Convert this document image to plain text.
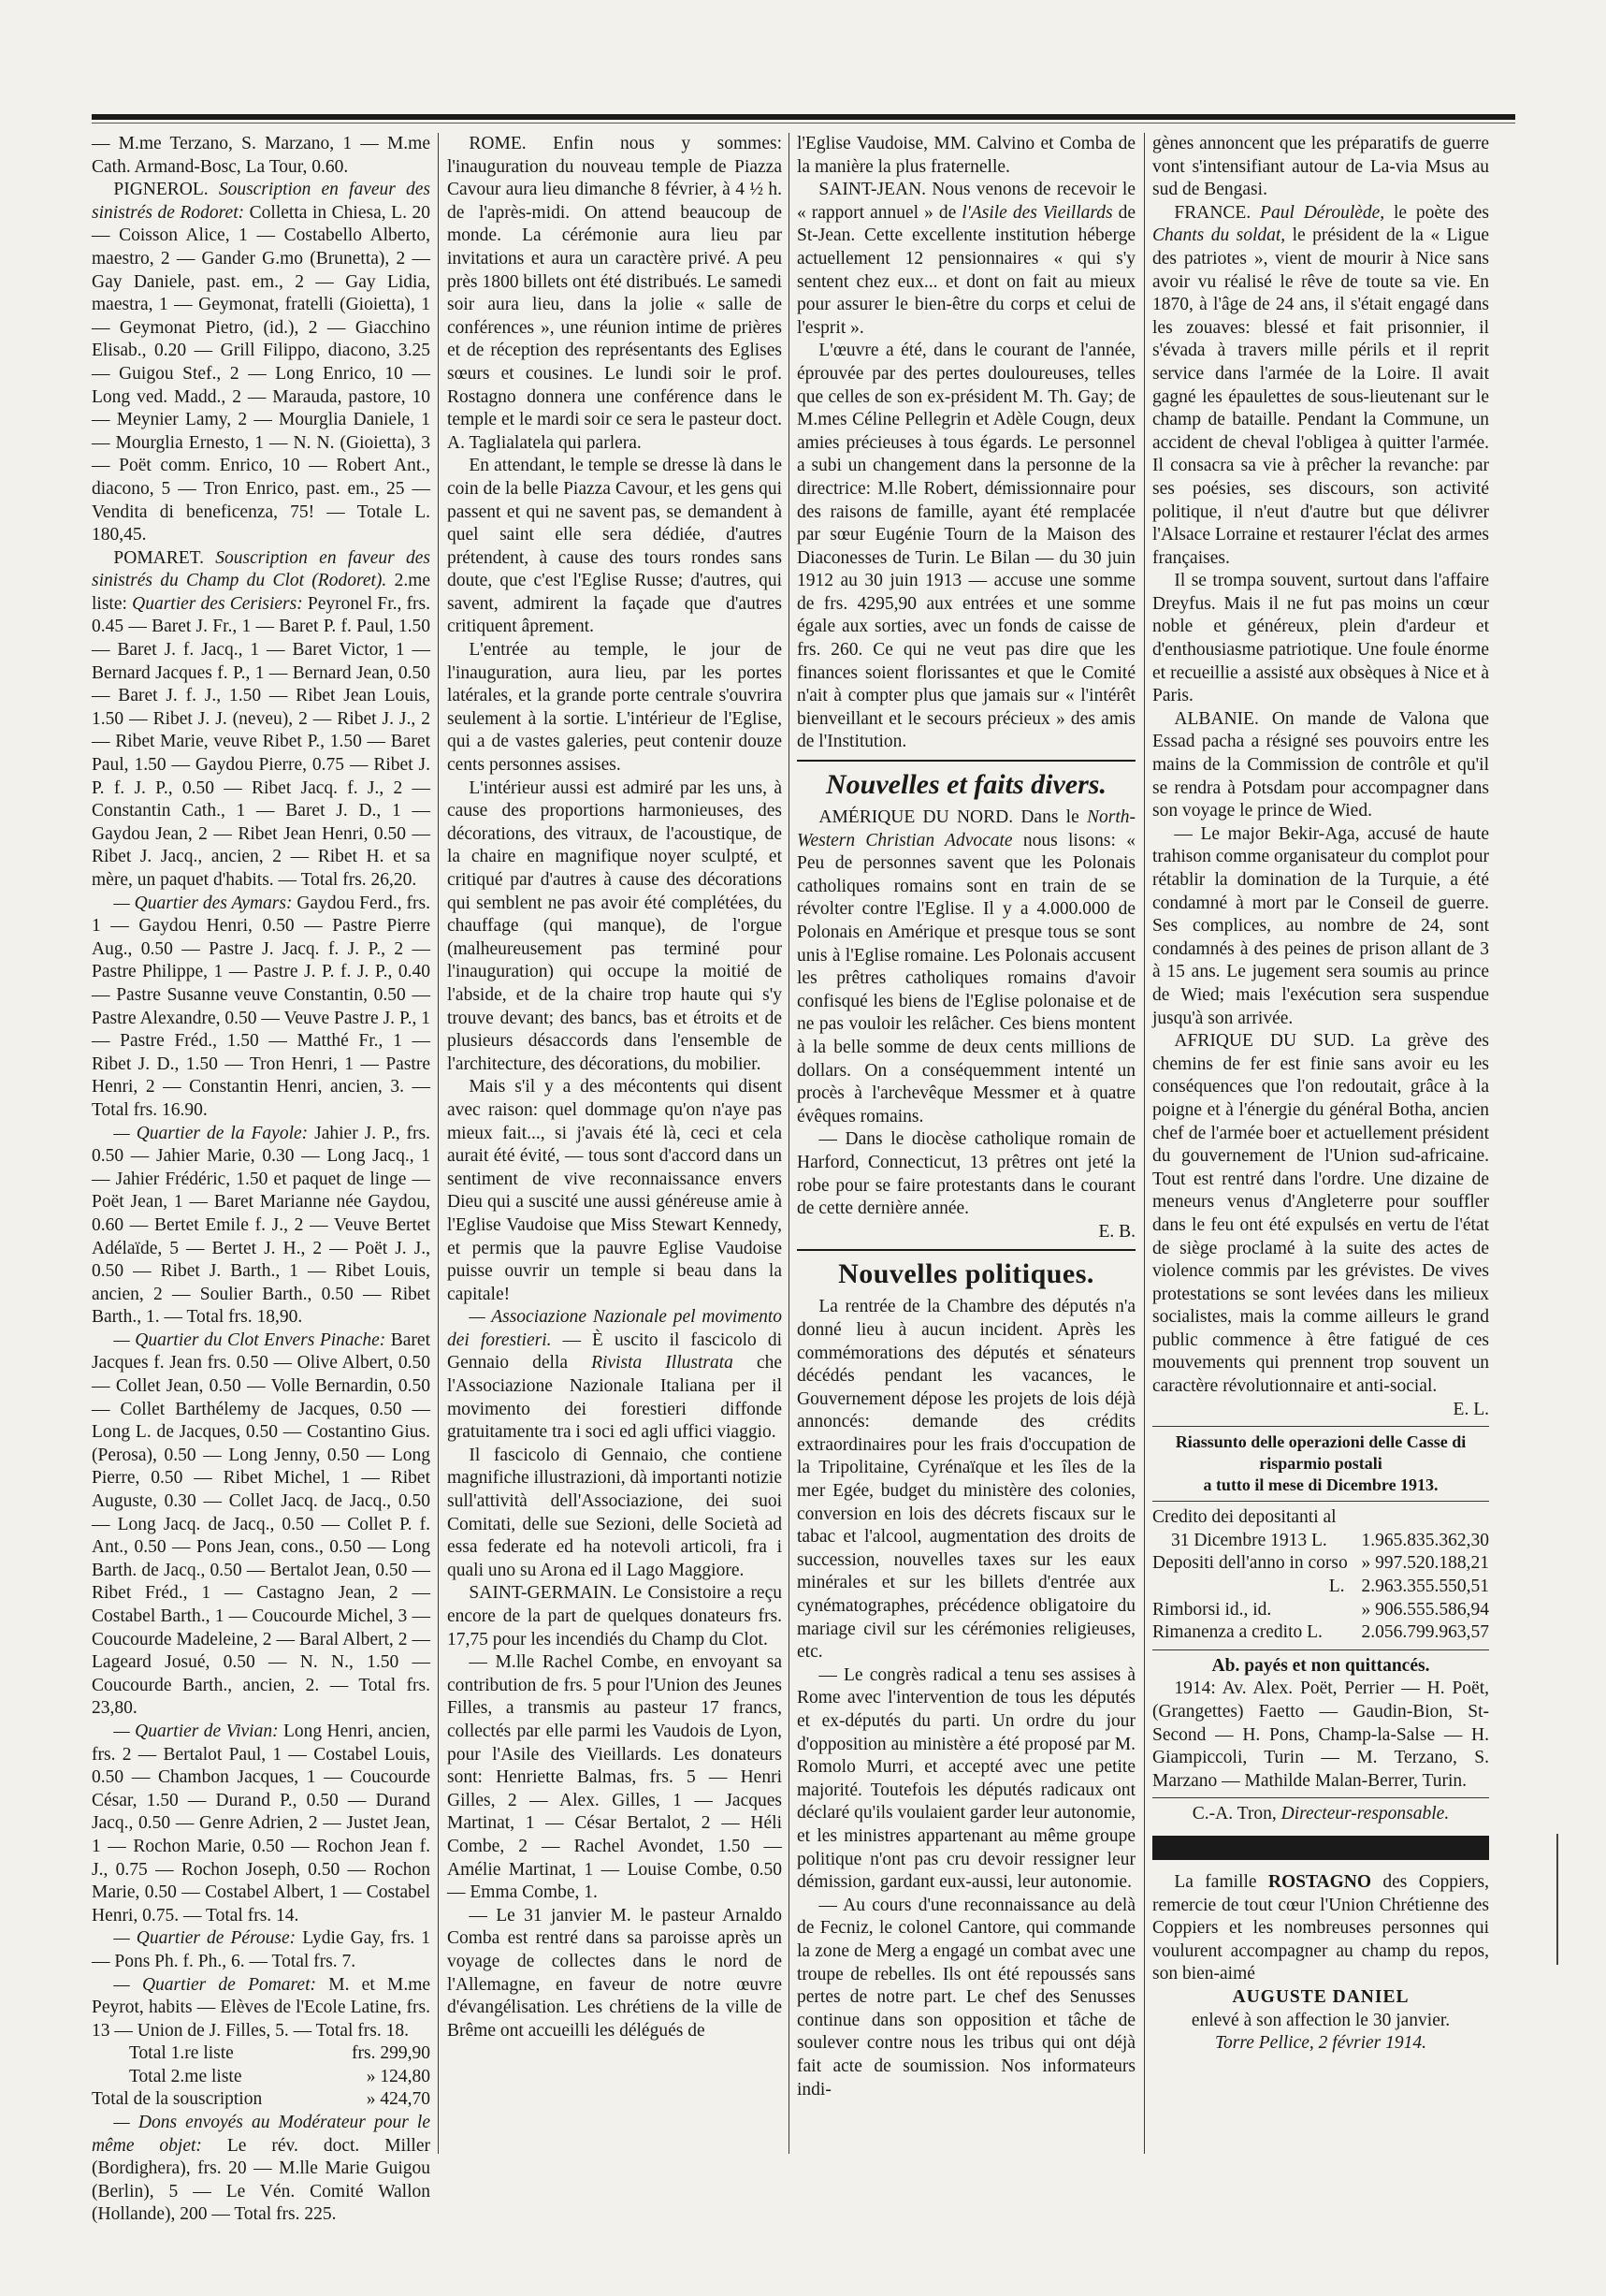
— M.me Terzano, S. Marzano, 1 — M.me Cath. Armand-Bosc, La Tour, 0.60.

PIGNEROL. Souscription en faveur des sinistrés de Rodoret: Colletta in Chiesa, L. 20 — Coisson Alice, 1 — Costabello Alberto, maestro, 2 — Gander G.mo (Brunetta), 2 — Gay Daniele, past. em., 2 — Gay Lidia, maestra, 1 — Geymonat, fratelli (Gioietta), 1 — Geymonat Pietro, (id.), 2 — Giacchino Elisab., 0.20 — Grill Filippo, diacono, 3.25 — Guigou Stef., 2 — Long Enrico, 10 — Long ved. Madd., 2 — Marauda, pastore, 10 — Meynier Lamy, 2 — Mourglia Daniele, 1 — Mourglia Ernesto, 1 — N. N. (Gioietta), 3 — Poët comm. Enrico, 10 — Robert Ant., diacono, 5 — Tron Enrico, past. em., 25 — Vendita di beneficenza, 75! — Totale L. 180,45.

POMARET. Souscription en faveur des sinistrés du Champ du Clot (Rodoret). 2.me liste: Quartier des Cerisiers: Peyronel Fr., frs. 0.45 — Baret J. Fr., 1 — Baret P. f. Paul, 1.50 — Baret J. f. Jacq., 1 — Baret Victor, 1 — Bernard Jacques f. P., 1 — Bernard Jean, 0.50 — Baret J. f. J., 1.50 — Ribet Jean Louis, 1.50 — Ribet J. J. (neveu), 2 — Ribet J. J., 2 — Ribet Marie, veuve Ribet P., 1.50 — Baret Paul, 1.50 — Gaydou Pierre, 0.75 — Ribet J. P. f. J. P., 0.50 — Ribet Jacq. f. J., 2 — Constantin Cath., 1 — Baret J. D., 1 — Gaydou Jean, 2 — Ribet Jean Henri, 0.50 — Ribet J. Jacq., ancien, 2 — Ribet H. et sa mère, un paquet d'habits. — Total frs. 26,20.

— Quartier des Aymars: Gaydou Ferd., frs. 1 — Gaydou Henri, 0.50 — Pastre Pierre Aug., 0.50 — Pastre J. Jacq. f. J. P., 2 — Pastre Philippe, 1 — Pastre J. P. f. J. P., 0.40 — Pastre Susanne veuve Constantin, 0.50 — Pastre Alexandre, 0.50 — Veuve Pastre J. P., 1 — Pastre Fréd., 1.50 — Matthé Fr., 1 — Ribet J. D., 1.50 — Tron Henri, 1 — Pastre Henri, 2 — Constantin Henri, ancien, 3. — Total frs. 16.90.

— Quartier de la Fayole: Jahier J. P., frs. 0.50 — Jahier Marie, 0.30 — Long Jacq., 1 — Jahier Frédéric, 1.50 et paquet de linge — Poët Jean, 1 — Baret Marianne née Gaydou, 0.60 — Bertet Emile f. J., 2 — Veuve Bertet Adélaïde, 5 — Bertet J. H., 2 — Poët J. J., 0.50 — Ribet J. Barth., 1 — Ribet Louis, ancien, 2 — Soulier Barth., 0.50 — Ribet Barth., 1. — Total frs. 18,90.

— Quartier du Clot Envers Pinache: Baret Jacques f. Jean frs. 0.50 — Olive Albert, 0.50 — Collet Jean, 0.50 — Volle Bernardin, 0.50 — Collet Barthélemy de Jacques, 0.50 — Long L. de Jacques, 0.50 — Costantino Gius. (Perosa), 0.50 — Long Jenny, 0.50 — Long Pierre, 0.50 — Ribet Michel, 1 — Ribet Auguste, 0.30 — Collet Jacq. de Jacq., 0.50 — Long Jacq. de Jacq., 0.50 — Collet P. f. Ant., 0.50 — Pons Jean, cons., 0.50 — Long Barth. de Jacq., 0.50 — Bertalot Jean, 0.50 — Ribet Fréd., 1 — Castagno Jean, 2 — Costabel Barth., 1 — Coucourde Michel, 3 — Coucourde Madeleine, 2 — Baral Albert, 2 — Lageard Josué, 0.50 — N. N., 1.50 — Coucourde Barth., ancien, 2. — Total frs. 23,80.

— Quartier de Vivian: Long Henri, ancien, frs. 2 — Bertalot Paul, 1 — Costabel Louis, 0.50 — Chambon Jacques, 1 — Coucourde César, 1.50 — Durand P., 0.50 — Durand Jacq., 0.50 — Genre Adrien, 2 — Justet Jean, 1 — Rochon Marie, 0.50 — Rochon Jean f. J., 0.75 — Rochon Joseph, 0.50 — Rochon Marie, 0.50 — Costabel Albert, 1 — Costabel Henri, 0.75. — Total frs. 14.

— Quartier de Pérouse: Lydie Gay, frs. 1 — Pons Ph. f. Ph., 6. — Total frs. 7.

— Quartier de Pomaret: M. et M.me Peyrot, habits — Elèves de l'Ecole Latine, frs. 13 — Union de J. Filles, 5. — Total frs. 18.

Total 1.re liste	frs. 299,90
Total 2.me liste	» 124,80
Total de la souscription	» 424,70

— Dons envoyés au Modérateur pour le même objet: Le rév. doct. Miller (Bordighera), frs. 20 — M.lle Marie Guigou (Berlin), 5 — Le Vén. Comité Wallon (Hollande), 200 — Total frs. 225.

ROME. Enfin nous y sommes: l'inauguration du nouveau temple de Piazza Cavour aura lieu dimanche 8 février, à 4 ½ h. de l'après-midi. On attend beaucoup de monde. La cérémonie aura lieu par invitations et aura un caractère privé. A peu près 1800 billets ont été distribués. Le samedi soir aura lieu, dans la jolie « salle de conférences », une réunion intime de prières et de réception des représentants des Eglises sœurs et cousines. Le lundi soir le prof. Rostagno donnera une conférence dans le temple et le mardi soir ce sera le pasteur doct. A. Taglialatela qui parlera.

En attendant, le temple se dresse là dans le coin de la belle Piazza Cavour, et les gens qui passent et qui ne savent pas, se demandent à quel saint elle sera dédiée, d'autres prétendent, à cause des tours rondes sans doute, que c'est l'Eglise Russe; d'autres, qui savent, admirent la façade que d'autres critiquent âprement.

L'entrée au temple, le jour de l'inauguration, aura lieu, par les portes latérales, et la grande porte centrale s'ouvrira seulement à la sortie. L'intérieur de l'Eglise, qui a de vastes galeries, peut contenir douze cents personnes assises.

L'intérieur aussi est admiré par les uns, à cause des proportions harmonieuses, des décorations, des vitraux, de l'acoustique, de la chaire en magnifique noyer sculpté, et critiqué par d'autres à cause des décorations qui semblent ne pas avoir été complétées, du chauffage (qui manque), de l'orgue (malheureusement pas terminé pour l'inauguration) qui occupe la moitié de l'abside, et de la chaire trop haute qui s'y trouve devant; des bancs, bas et étroits et de plusieurs désaccords dans l'ensemble de l'architecture, des décorations, du mobilier.

Mais s'il y a des mécontents qui disent avec raison: quel dommage qu'on n'aye pas mieux fait..., si j'avais été là, ceci et cela aurait été évité, — tous sont d'accord dans un sentiment de vive reconnaissance envers Dieu qui a suscité une aussi généreuse amie à l'Eglise Vaudoise que Miss Stewart Kennedy, et permis que la pauvre Eglise Vaudoise puisse ouvrir un temple si beau dans la capitale!

— Associazione Nazionale pel movimento dei forestieri. — È uscito il fascicolo di Gennaio della Rivista Illustrata che l'Associazione Nazionale Italiana per il movimento dei forestieri diffonde gratuitamente tra i soci ed agli uffici viaggio.

Il fascicolo di Gennaio, che contiene magnifiche illustrazioni, dà importanti notizie sull'attività dell'Associazione, dei suoi Comitati, delle sue Sezioni, delle Società ad essa federate ed ha notevoli articoli, fra i quali uno su Arona ed il Lago Maggiore.

SAINT-GERMAIN. Le Consistoire a reçu encore de la part de quelques donateurs frs. 17,75 pour les incendiés du Champ du Clot.

— M.lle Rachel Combe, en envoyant sa contribution de frs. 5 pour l'Union des Jeunes Filles, a transmis au pasteur 17 francs, collectés par elle parmi les Vaudois de Lyon, pour l'Asile des Vieillards. Les donateurs sont: Henriette Balmas, frs. 5 — Henri Gilles, 2 — Alex. Gilles, 1 — Jacques Martinat, 1 — César Bertalot, 2 — Héli Combe, 2 — Rachel Avondet, 1.50 — Amélie Martinat, 1 — Louise Combe, 0.50 — Emma Combe, 1.

— Le 31 janvier M. le pasteur Arnaldo Comba est rentré dans sa paroisse après un voyage de collectes dans le nord de l'Allemagne, en faveur de notre œuvre d'évangélisation. Les chrétiens de la ville de Brême ont accueilli les délégués de

l'Eglise Vaudoise, MM. Calvino et Comba de la manière la plus fraternelle.

SAINT-JEAN. Nous venons de recevoir le « rapport annuel » de l'Asile des Vieillards de St-Jean. Cette excellente institution héberge actuellement 12 pensionnaires « qui s'y sentent chez eux... et dont on fait au mieux pour assurer le bien-être du corps et celui de l'esprit ».

L'œuvre a été, dans le courant de l'année, éprouvée par des pertes douloureuses, telles que celles de son ex-président M. Th. Gay; de M.mes Céline Pellegrin et Adèle Cougn, deux amies précieuses à tous égards. Le personnel a subi un changement dans la personne de la directrice: M.lle Robert, démissionnaire pour des raisons de famille, ayant été remplacée par sœur Eugénie Tourn de la Maison des Diaconesses de Turin. Le Bilan — du 30 juin 1912 au 30 juin 1913 — accuse une somme de frs. 4295,90 aux entrées et une somme égale aux sorties, avec un fonds de caisse de frs. 260. Ce qui ne veut pas dire que les finances soient florissantes et que le Comité n'ait à compter plus que jamais sur « l'intérêt bienveillant et le secours précieux » des amis de l'Institution.

Nouvelles et faits divers.

AMÉRIQUE DU NORD. Dans le North-Western Christian Advocate nous lisons: « Peu de personnes savent que les Polonais catholiques romains sont en train de se révolter contre l'Eglise. Il y a 4.000.000 de Polonais en Amérique et presque tous se sont unis à l'Eglise romaine. Les Polonais accusent les prêtres catholiques romains d'avoir confisqué les biens de l'Eglise polonaise et de ne pas vouloir les relâcher. Ces biens montent à la belle somme de deux cents millions de dollars. On a conséquemment intenté un procès à l'archevêque Messmer et à quatre évêques romains.

— Dans le diocèse catholique romain de Harford, Connecticut, 13 prêtres ont jeté la robe pour se faire protestants dans le courant de cette dernière année.

E. B.
Nouvelles politiques.

La rentrée de la Chambre des députés n'a donné lieu à aucun incident. Après les commémorations des députés et sénateurs décédés pendant les vacances, le Gouvernement dépose les projets de lois déjà annoncés: demande des crédits extraordinaires pour les frais d'occupation de la Tripolitaine, Cyrénaïque et les îles de la mer Egée, budget du ministère des colonies, conversion en lois des décrets fiscaux sur le tabac et l'alcool, augmentation des droits de succession, nouvelles taxes sur les eaux minérales et sur les billets d'entrée aux cynématographes, précédence obligatoire du mariage civil sur les cérémonies religieuses, etc.

— Le congrès radical a tenu ses assises à Rome avec l'intervention de tous les députés et ex-députés du parti. Un ordre du jour d'opposition au ministère a été proposé par M. Romolo Murri, et accepté avec une petite majorité. Toutefois les députés radicaux ont déclaré qu'ils voulaient garder leur autonomie, et les ministres appartenant au même groupe politique n'ont pas cru devoir ressigner leur démission, gardant eux-aussi, leur autonomie.

— Au cours d'une reconnaissance au delà de Fecniz, le colonel Cantore, qui commande la zone de Merg a engagé un combat avec une troupe de rebelles. Ils ont été repoussés sans pertes de notre part. Le chef des Senusses continue dans son opposition et tâche de soulever contre nous les tribus qui ont déjà fait acte de soumission. Nos informateurs indi-

gènes annoncent que les préparatifs de guerre vont s'intensifiant autour de La-via Msus au sud de Bengasi.

FRANCE. Paul Déroulède, le poète des Chants du soldat, le président de la « Ligue des patriotes », vient de mourir à Nice sans avoir vu réalisé le rêve de toute sa vie. En 1870, à l'âge de 24 ans, il s'était engagé dans les zouaves: blessé et fait prisonnier, il s'évada à travers mille périls et il reprit service dans l'armée de la Loire. Il avait gagné les épaulettes de sous-lieutenant sur le champ de bataille. Pendant la Commune, un accident de cheval l'obligea à quitter l'armée. Il consacra sa vie à prêcher la revanche: par ses poésies, ses discours, son activité politique, il n'eut d'autre but que délivrer l'Alsace Lorraine et restaurer l'éclat des armes françaises.

Il se trompa souvent, surtout dans l'affaire Dreyfus. Mais il ne fut pas moins un cœur noble et généreux, plein d'ardeur et d'enthousiasme patriotique. Une foule énorme et recueillie a assisté aux obsèques à Nice et à Paris.

ALBANIE. On mande de Valona que Essad pacha a résigné ses pouvoirs entre les mains de la Commission de contrôle et qu'il se rendra à Potsdam pour accompagner dans son voyage le prince de Wied.

— Le major Bekir-Aga, accusé de haute trahison comme organisateur du complot pour rétablir la domination de la Turquie, a été condamné à mort par le Conseil de guerre. Ses complices, au nombre de 24, sont condamnés à des peines de prison allant de 3 à 15 ans. Le jugement sera soumis au prince de Wied; mais l'exécution sera suspendue jusqu'à son arrivée.

AFRIQUE DU SUD. La grève des chemins de fer est finie sans avoir eu les conséquences que l'on redoutait, grâce à la poigne et à l'énergie du général Botha, ancien chef de l'armée boer et actuellement président du gouvernement de l'Union sud-africaine. Tout est rentré dans l'ordre. Une dizaine de meneurs venus d'Angleterre pour souffler dans le feu ont été expulsés en vertu de l'état de siège proclamé à la suite des actes de violence commis par les grévistes. De vives protestations se sont levées dans les milieux socialistes, mais la comme ailleurs le grand public commence à être fatigué de ces mouvements qui prennent trop souvent un caractère révolutionnaire et anti-social.

E. L.
Riassunto delle operazioni delle Casse di risparmio postali
a tutto il mese di Dicembre 1913.
Credito dei depositanti al
31 Dicembre 1913 L.	1.965.835.362,30
Depositi dell'anno in corso » 997.520.188,21
L. 2.963.355.550,51
Rimborsi id., id.	» 906.555.586,94
Rimanenza a credito L.	2.056.799.963,57
Ab. payés et non quittancés.

1914: Av. Alex. Poët, Perrier — H. Poët, (Grangettes) Faetto — Gaudin-Bion, St-Second — H. Pons, Champ-la-Salse — H. Giampiccoli, Turin — M. Terzano, S. Marzano — Mathilde Malan-Berrer, Turin.

C.-A. Tron, Directeur-responsable.

La famille ROSTAGNO des Coppiers, remercie de tout cœur l'Union Chrétienne des Coppiers et les nombreuses personnes qui voulurent accompagner au champ du repos, son bien-aimé

AUGUSTE DANIEL
enlevé à son affection le 30 janvier.
Torre Pellice, 2 février 1914.
